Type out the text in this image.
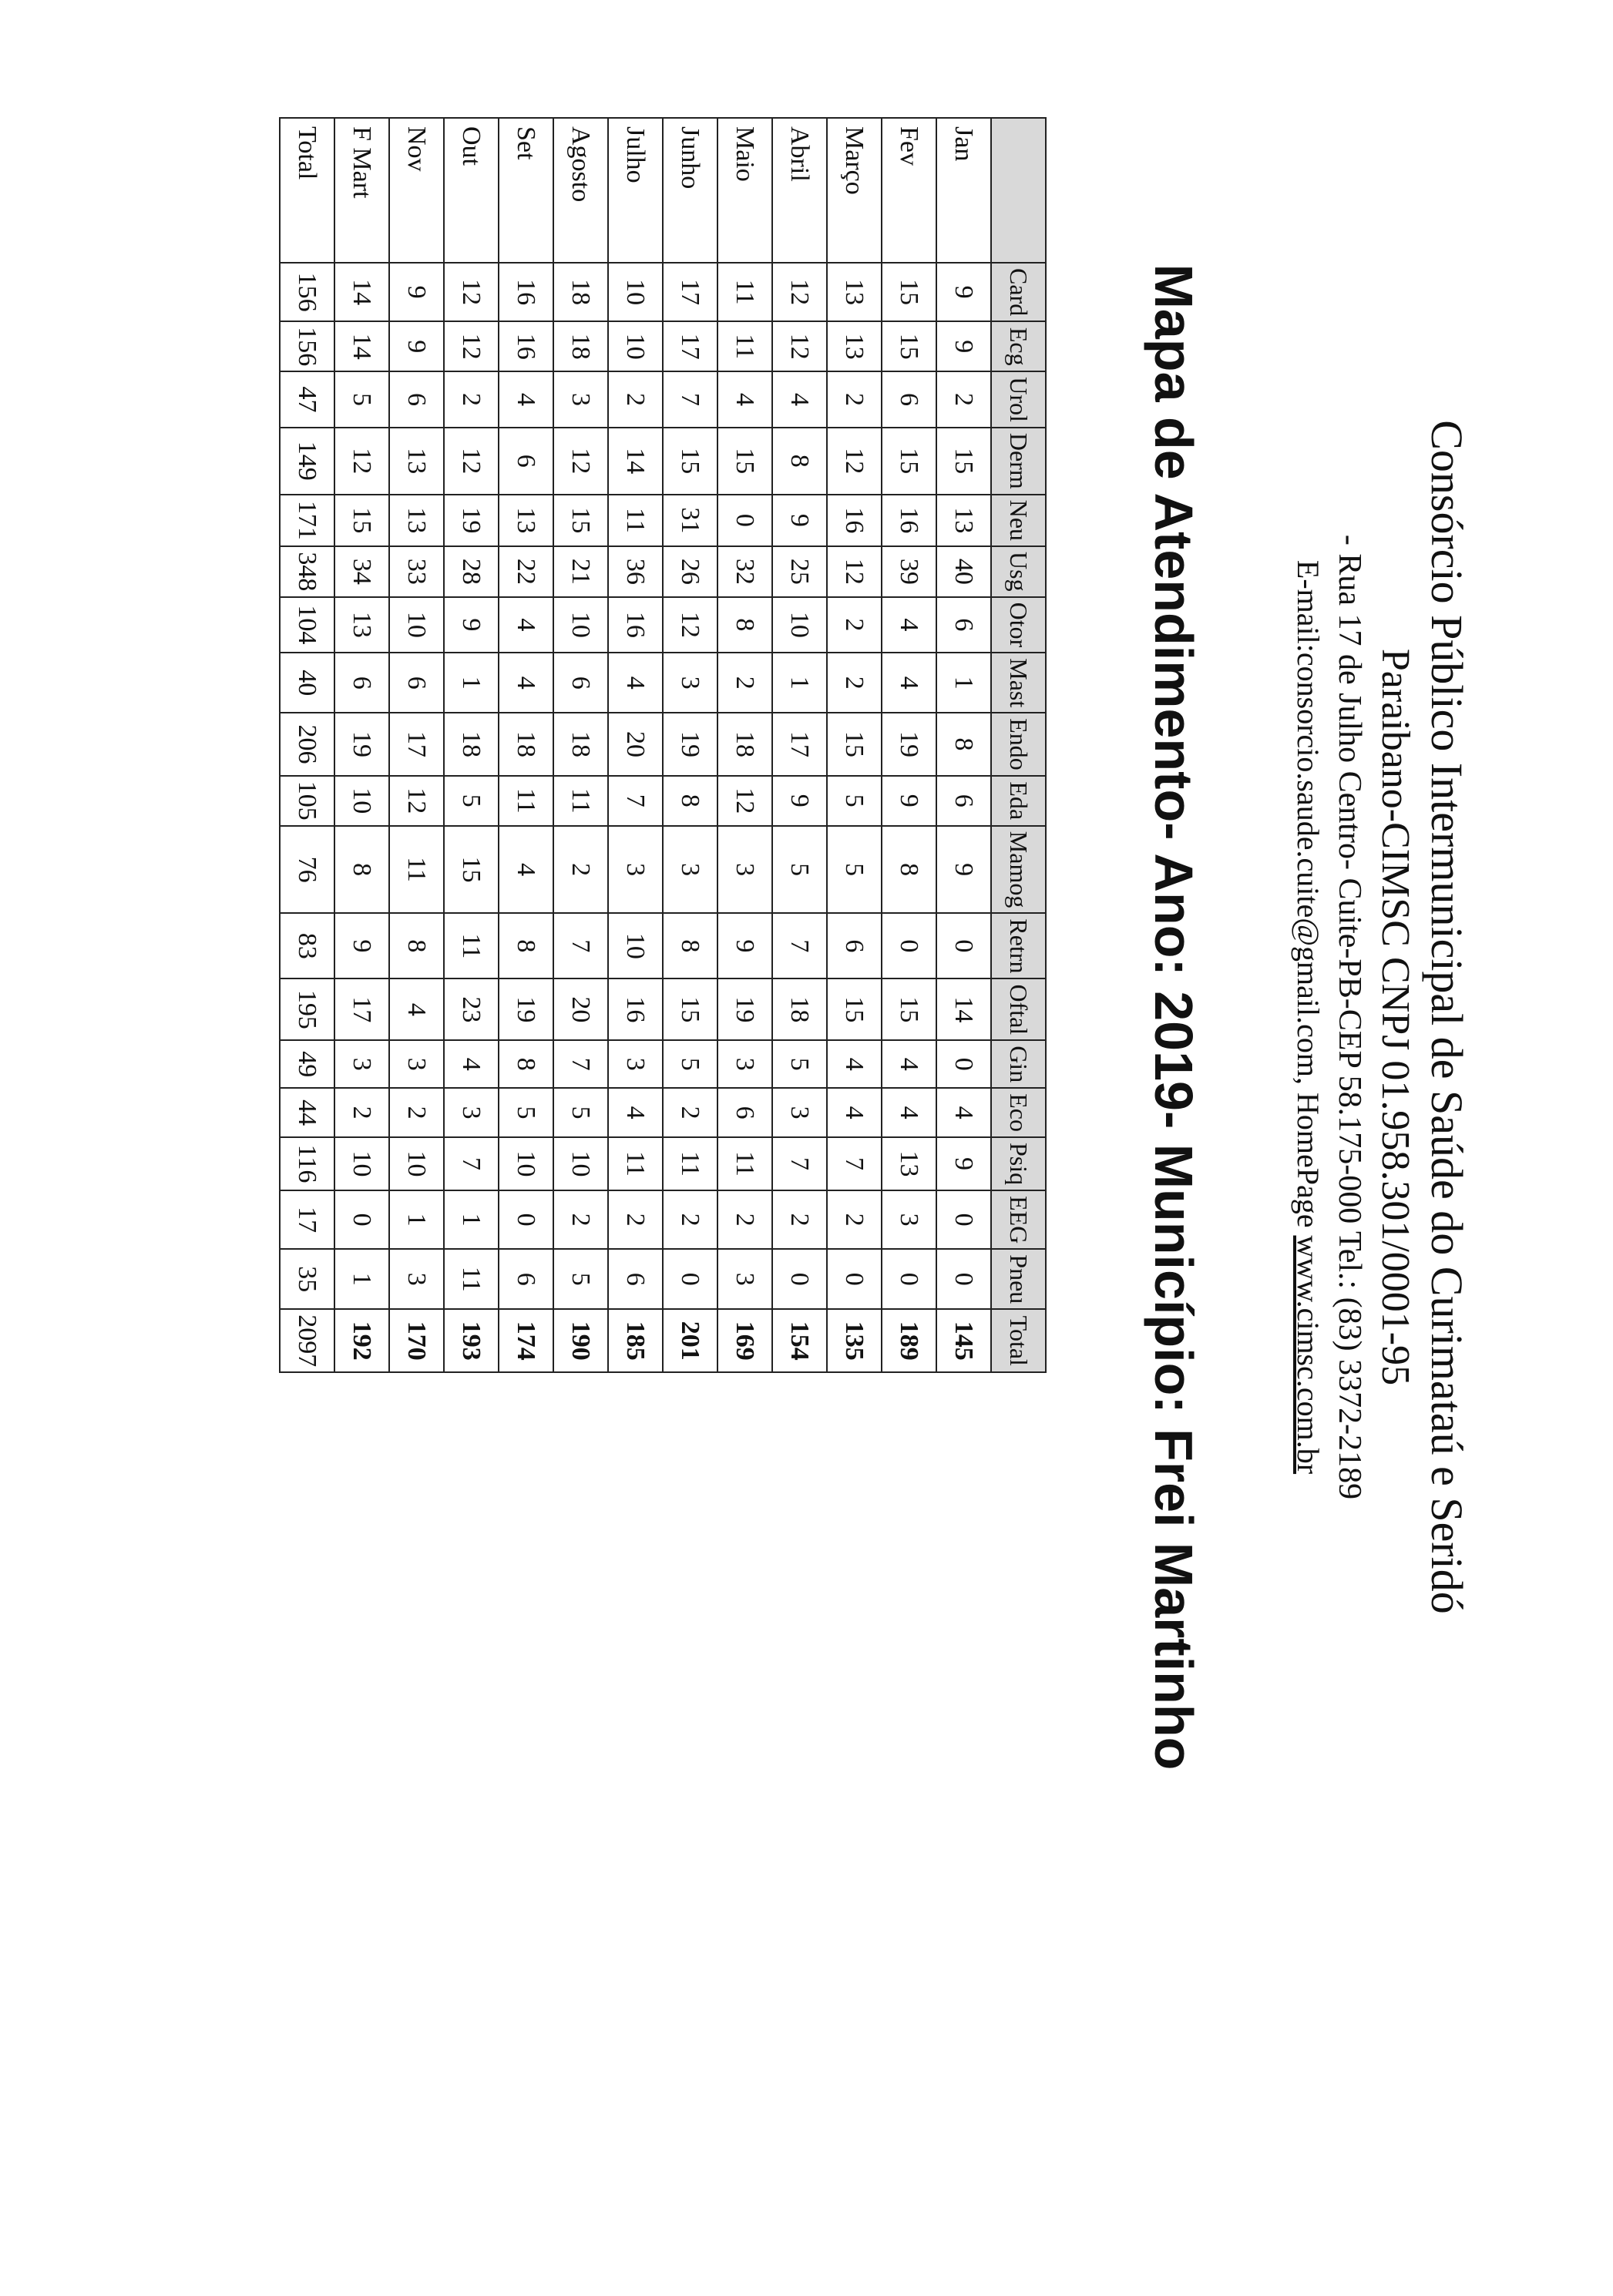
Consórcio Público Intermunicipal de Saúde do Curimataú e Seridó

Paraibano-CIMSC CNPJ 01.958.301/0001-95

- Rua 17 de Julho Centro- Cuite-PB-CEP 58.175-000 Tel.: (83) 3372-2189

E-mail:consorcio.saude.cuite@gmail.com, HomePage www.cimsc.com.br

Mapa de Atendimento- Ano: 2019- Município: Frei Martinho
	Card	Ecg	Urol	Derm	Neu	Usg	Otor	Mast	Endo	Eda	Mamog	Retrn	Oftal	Gin	Eco	Psiq	EEG	Pneu	Total
Jan	9	9	2	15	13	40	6	1	8	6	9	0	14	0	4	9	0	0	145
Fev	15	15	6	15	16	39	4	4	19	9	8	0	15	4	4	13	3	0	189
Março	13	13	2	12	16	12	2	2	15	5	5	6	15	4	4	7	2	0	135
Abril	12	12	4	8	9	25	10	1	17	9	5	7	18	5	3	7	2	0	154
Maio	11	11	4	15	0	32	8	2	18	12	3	9	19	3	6	11	2	3	169
Junho	17	17	7	15	31	26	12	3	19	8	3	8	15	5	2	11	2	0	201
Julho	10	10	2	14	11	36	16	4	20	7	3	10	16	3	4	11	2	6	185
Agosto	18	18	3	12	15	21	10	6	18	11	2	7	20	7	5	10	2	5	190
Set	16	16	4	6	13	22	4	4	18	11	4	8	19	8	5	10	0	6	174
Out	12	12	2	12	19	28	9	1	18	5	15	11	23	4	3	7	1	11	193
Nov	9	9	6	13	13	33	10	6	17	12	11	8	4	3	2	10	1	3	170
F Mart	14	14	5	12	15	34	13	6	19	10	8	9	17	3	2	10	0	1	192
Total	156	156	47	149	171	348	104	40	206	105	76	83	195	49	44	116	17	35	2097
